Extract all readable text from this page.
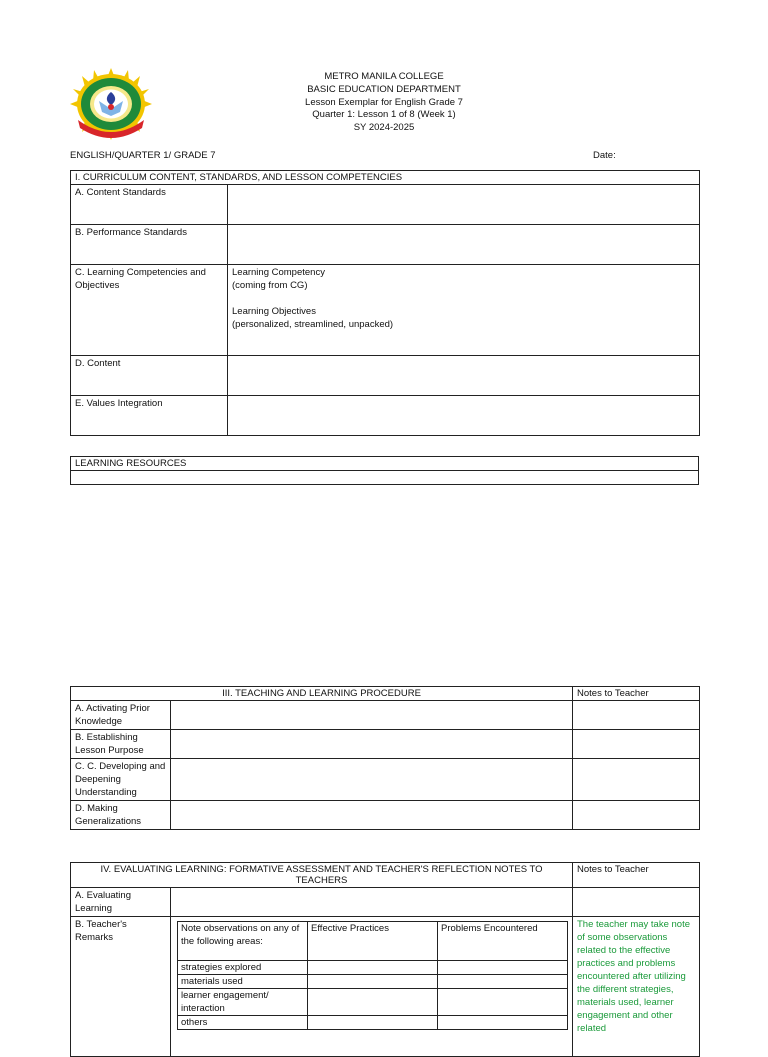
METRO MANILA COLLEGE
BASIC EDUCATION DEPARTMENT
Lesson Exemplar for English Grade 7
Quarter 1: Lesson 1 of 8 (Week 1)
SY 2024-2025
ENGLISH/QUARTER 1/ GRADE 7	Date:
I. CURRICULUM CONTENT, STANDARDS, AND LESSON COMPETENCIES	
A. Content Standards	
B. Performance Standards	
C. Learning Competencies and Objectives	Learning Competency
(coming from CG)
Learning Objectives
(personalized, streamlined, unpacked)

D. Content	
E. Values Integration	
LEARNING RESOURCES

III. TEACHING AND LEARNING PROCEDURE		Notes to Teacher
A. Activating Prior Knowledge		
B. Establishing Lesson Purpose		
C. C. Developing and Deepening Understanding		
D. Making Generalizations		
IV. EVALUATING LEARNING: FORMATIVE ASSESSMENT AND TEACHER'S REFLECTION NOTES TO TEACHERS	Notes to Teacher
A. Evaluating Learning		
B. Teacher's Remarks	
Note observations on any of the following areas:	Effective Practices	Problems Encountered
strategies explored		
materials used		
learner engagement/ interaction		
others		
	The teacher may take note of some observations related to the effective practices and problems encountered after utilizing the different strategies, materials used, learner engagement and other related
